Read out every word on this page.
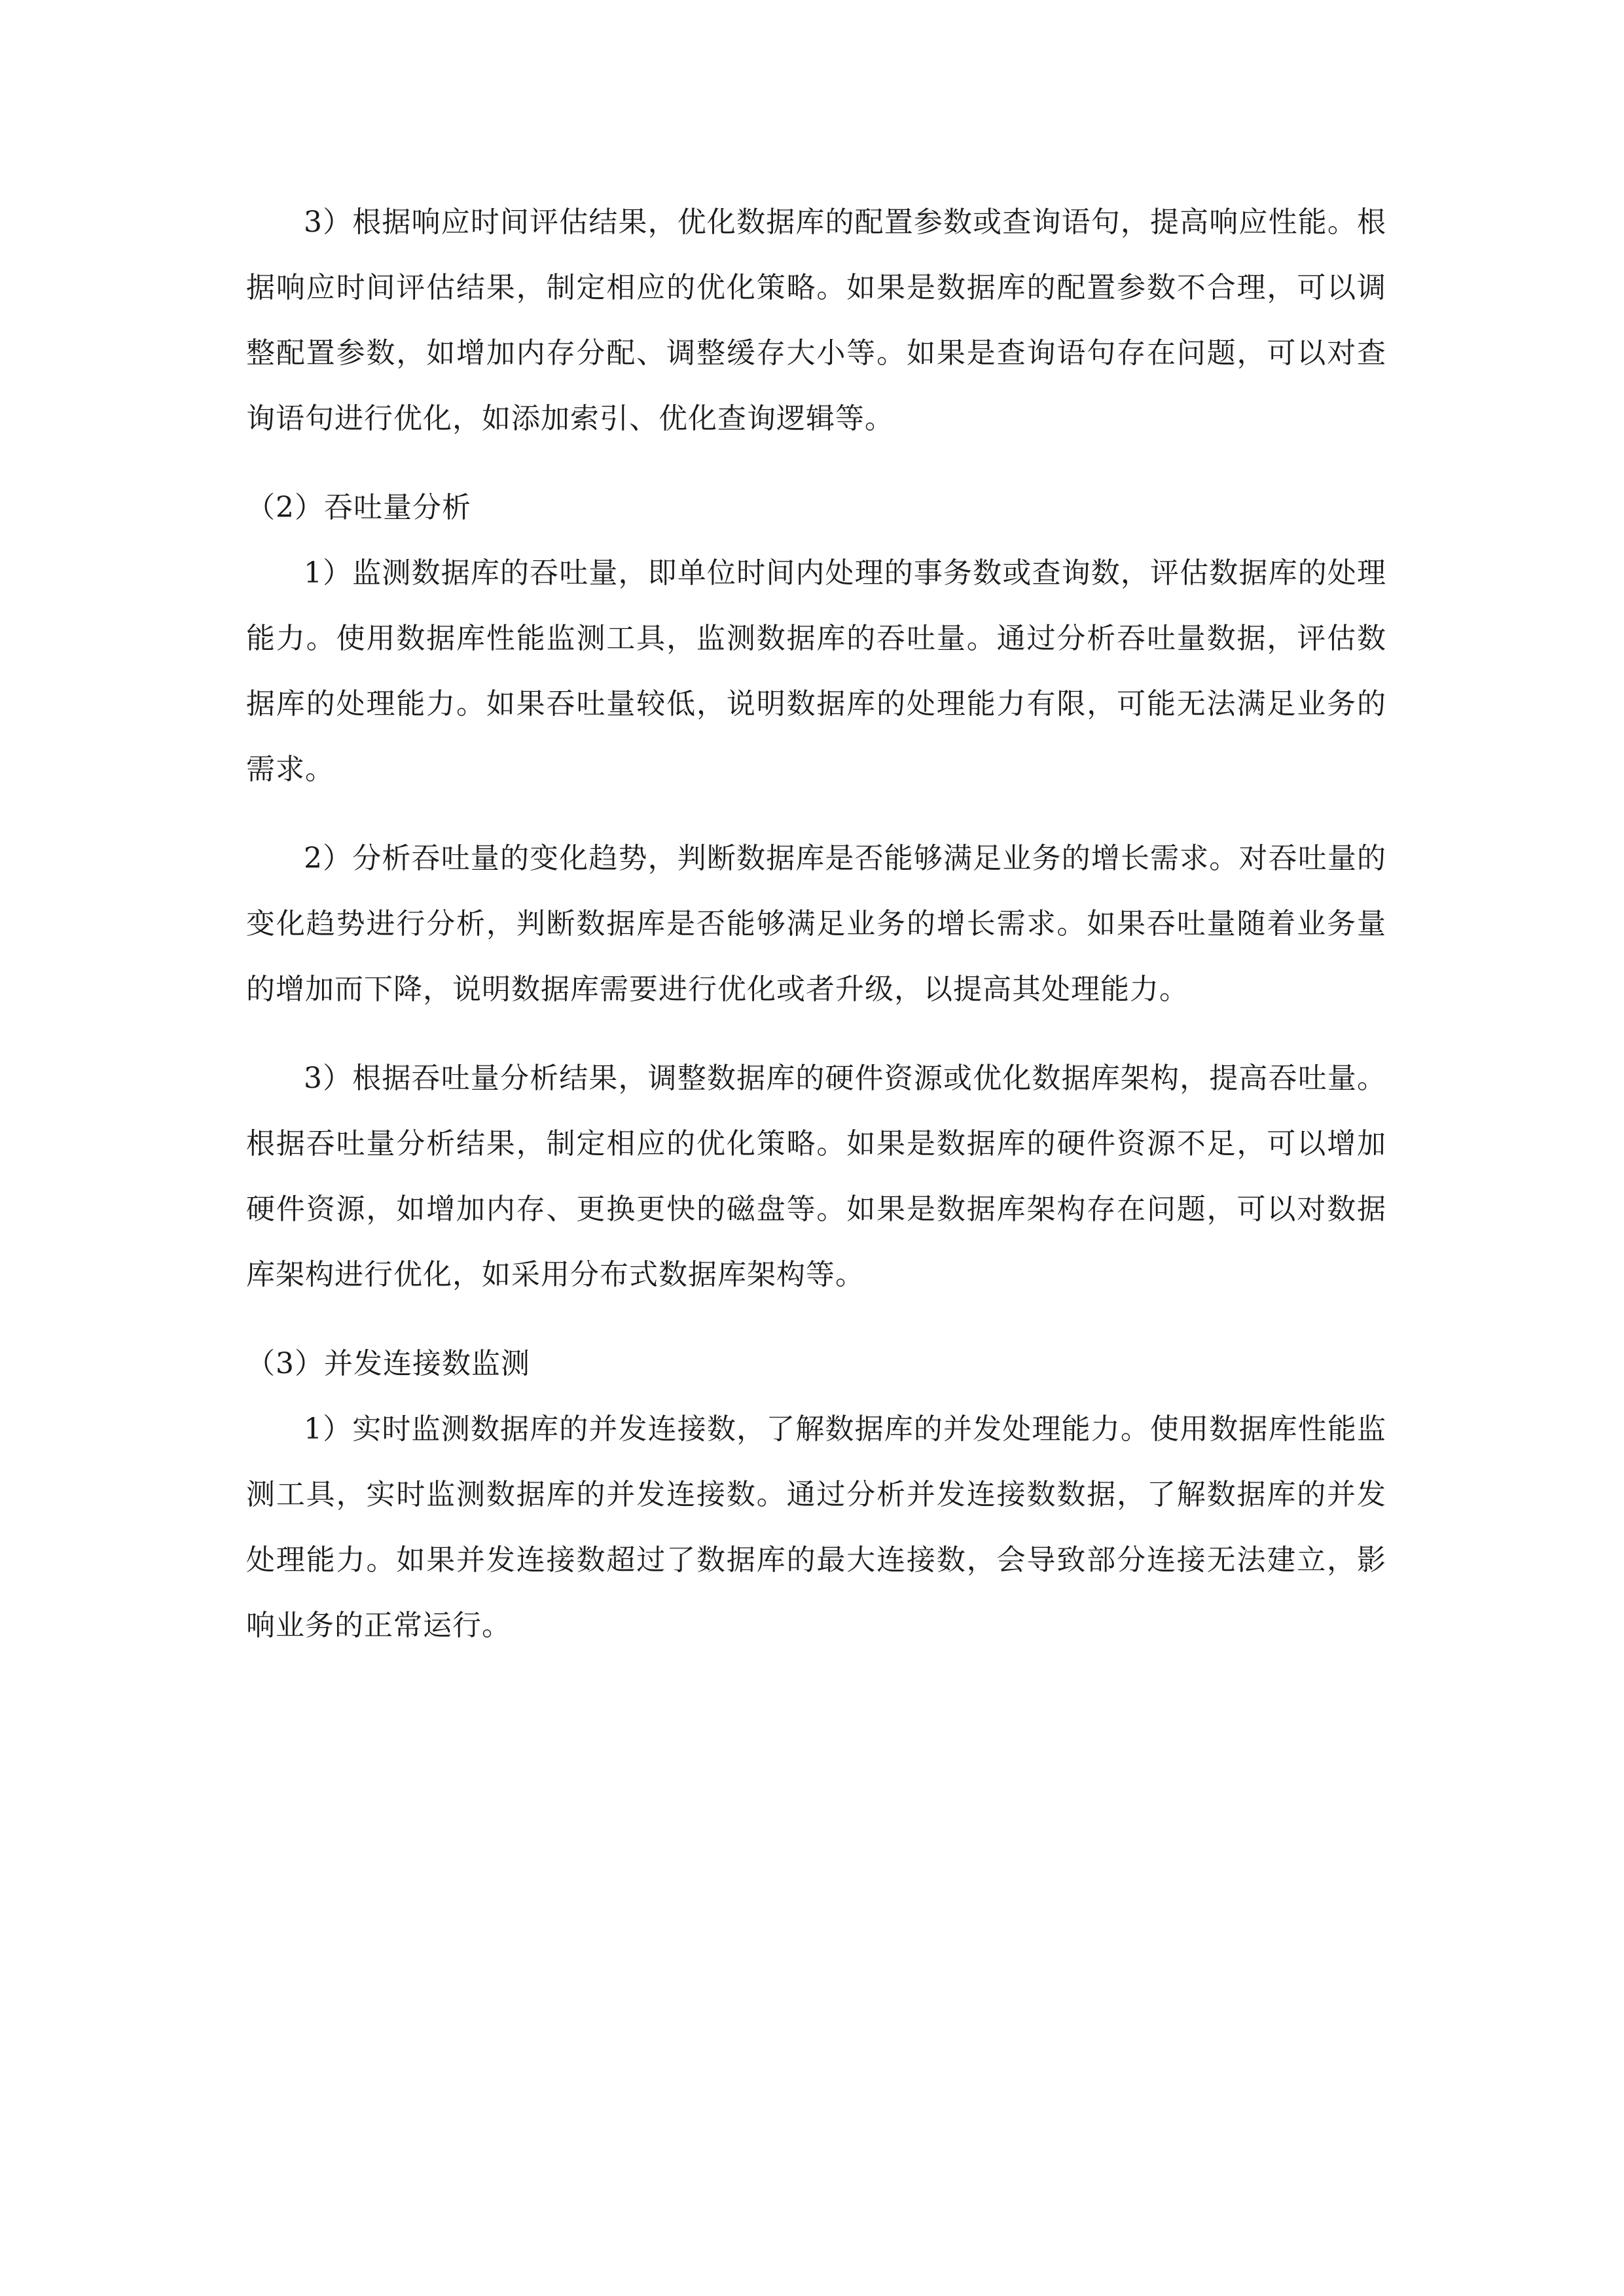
3）根据响应时间评估结果，优化数据库的配置参数或查询语句，提高响应性能。根据响应时间评估结果，制定相应的优化策略。如果是数据库的配置参数不合理，可以调整配置参数，如增加内存分配、调整缓存大小等。如果是查询语句存在问题，可以对查询语句进行优化，如添加索引、优化查询逻辑等。

（2）吞吐量分析

1）监测数据库的吞吐量，即单位时间内处理的事务数或查询数，评估数据库的处理能力。使用数据库性能监测工具，监测数据库的吞吐量。通过分析吞吐量数据，评估数据库的处理能力。如果吞吐量较低，说明数据库的处理能力有限，可能无法满足业务的需求。

2）分析吞吐量的变化趋势，判断数据库是否能够满足业务的增长需求。对吞吐量的变化趋势进行分析，判断数据库是否能够满足业务的增长需求。如果吞吐量随着业务量的增加而下降，说明数据库需要进行优化或者升级，以提高其处理能力。

3）根据吞吐量分析结果，调整数据库的硬件资源或优化数据库架构，提高吞吐量。根据吞吐量分析结果，制定相应的优化策略。如果是数据库的硬件资源不足，可以增加硬件资源，如增加内存、更换更快的磁盘等。如果是数据库架构存在问题，可以对数据库架构进行优化，如采用分布式数据库架构等。

（3）并发连接数监测

1）实时监测数据库的并发连接数，了解数据库的并发处理能力。使用数据库性能监测工具，实时监测数据库的并发连接数。通过分析并发连接数数据，了解数据库的并发处理能力。如果并发连接数超过了数据库的最大连接数，会导致部分连接无法建立，影响业务的正常运行。
